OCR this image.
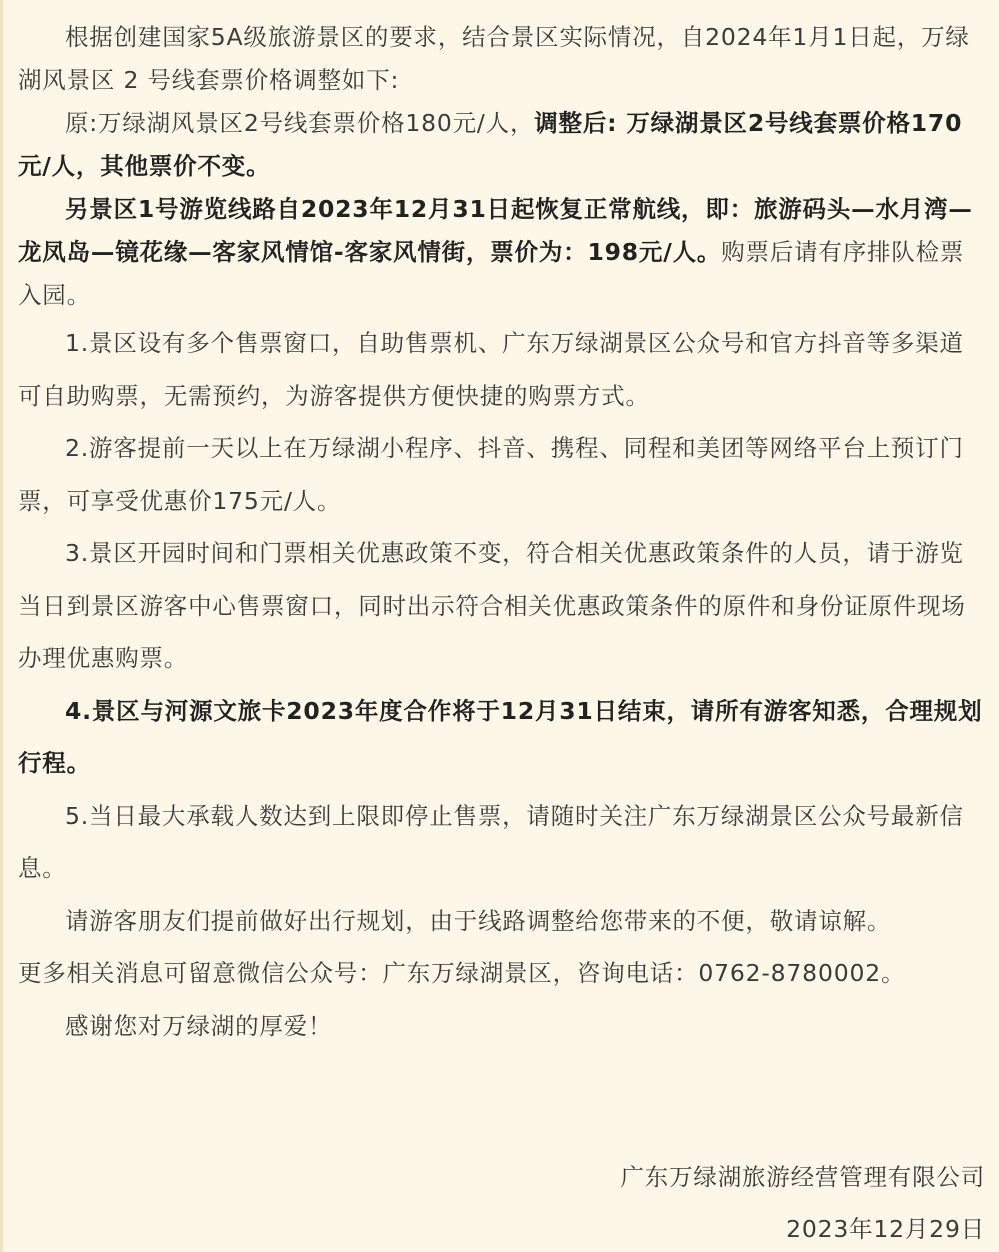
根据创建国家5A级旅游景区的要求，结合景区实际情况，自2024年1月1日起，万绿湖风景区 2 号线套票价格调整如下:

原:万绿湖风景区2号线套票价格180元/人，调整后: 万绿湖景区2号线套票价格170元/人，其他票价不变。

另景区1号游览线路自2023年12月31日起恢复正常航线，即：旅游码头—水月湾—龙凤岛—镜花缘—客家风情馆-客家风情街，票价为：198元/人。购票后请有序排队检票入园。

1.景区设有多个售票窗口，自助售票机、广东万绿湖景区公众号和官方抖音等多渠道可自助购票，无需预约，为游客提供方便快捷的购票方式。

2.游客提前一天以上在万绿湖小程序、抖音、携程、同程和美团等网络平台上预订门票，可享受优惠价175元/人。

3.景区开园时间和门票相关优惠政策不变，符合相关优惠政策条件的人员，请于游览当日到景区游客中心售票窗口，同时出示符合相关优惠政策条件的原件和身份证原件现场办理优惠购票。

4.景区与河源文旅卡2023年度合作将于12月31日结束，请所有游客知悉，合理规划行程。

5.当日最大承载人数达到上限即停止售票，请随时关注广东万绿湖景区公众号最新信息。

请游客朋友们提前做好出行规划，由于线路调整给您带来的不便，敬请谅解。

更多相关消息可留意微信公众号：广东万绿湖景区，咨询电话：0762-8780002。

感谢您对万绿湖的厚爱！

广东万绿湖旅游经营管理有限公司

2023年12月29日
